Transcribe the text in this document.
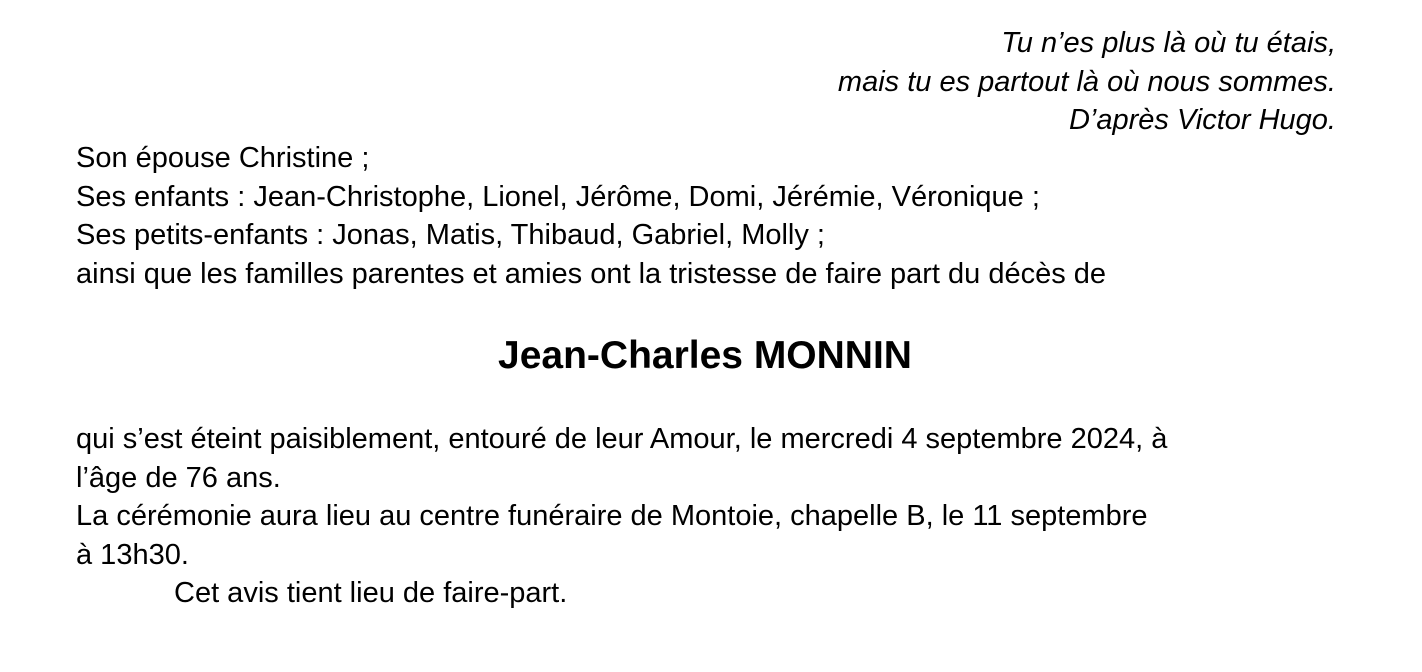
Tu n’es plus là où tu étais,
mais tu es partout là où nous sommes.
D’après Victor Hugo.
Son épouse Christine ;
Ses enfants : Jean-Christophe, Lionel, Jérôme, Domi, Jérémie, Véronique ;
Ses petits-enfants : Jonas, Matis, Thibaud, Gabriel, Molly ;
ainsi que les familles parentes et amies ont la tristesse de faire part du décès de
Jean-Charles MONNIN
qui s’est éteint paisiblement, entouré de leur Amour, le mercredi 4 septembre 2024, à
l’âge de 76 ans.
La cérémonie aura lieu au centre funéraire de Montoie, chapelle B, le 11 septembre
à 13h30.
Cet avis tient lieu de faire-part.
